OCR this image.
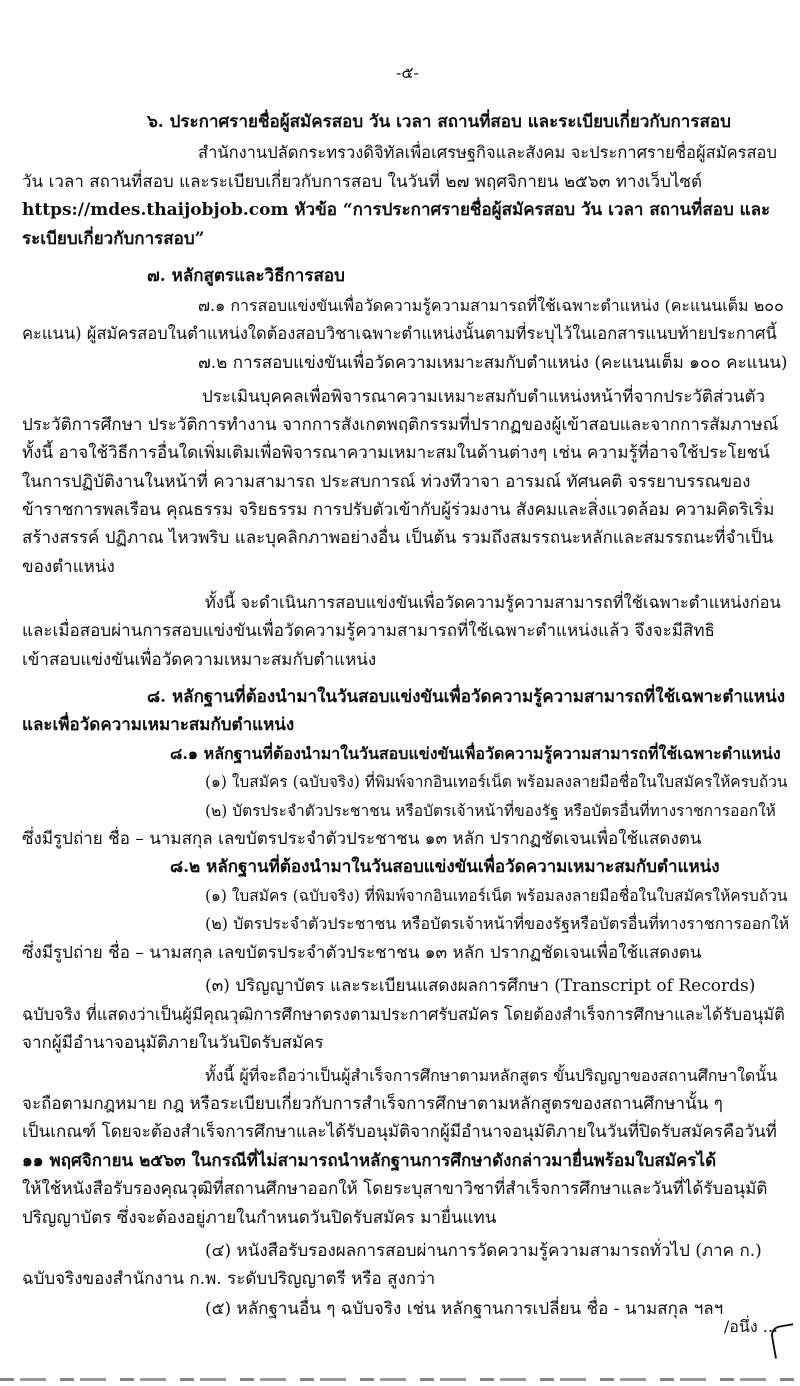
-๕-
๖. ประกาศรายชื่อผู้สมัครสอบ วัน เวลา สถานที่สอบ และระเบียบเกี่ยวกับการสอบ
สำนักงานปลัดกระทรวงดิจิทัลเพื่อเศรษฐกิจและสังคม จะประกาศรายชื่อผู้สมัครสอบ
วัน เวลา สถานที่สอบ และระเบียบเกี่ยวกับการสอบ ในวันที่ ๒๗ พฤศจิกายน ๒๕๖๓ ทางเว็บไซต์
https://mdes.thaijobjob.com หัวข้อ “การประกาศรายชื่อผู้สมัครสอบ วัน เวลา สถานที่สอบ และ
ระเบียบเกี่ยวกับการสอบ”
๗. หลักสูตรและวิธีการสอบ
๗.๑ การสอบแข่งขันเพื่อวัดความรู้ความสามารถที่ใช้เฉพาะตำแหน่ง (คะแนนเต็ม ๒๐๐
คะแนน) ผู้สมัครสอบในตำแหน่งใดต้องสอบวิชาเฉพาะตำแหน่งนั้นตามที่ระบุไว้ในเอกสารแนบท้ายประกาศนี้
๗.๒ การสอบแข่งขันเพื่อวัดความเหมาะสมกับตำแหน่ง (คะแนนเต็ม ๑๐๐ คะแนน)
ประเมินบุคคลเพื่อพิจารณาความเหมาะสมกับตำแหน่งหน้าที่จากประวัติส่วนตัว
ประวัติการศึกษา ประวัติการทำงาน จากการสังเกตพฤติกรรมที่ปรากฏของผู้เข้าสอบและจากการสัมภาษณ์
ทั้งนี้ อาจใช้วิธีการอื่นใดเพิ่มเติมเพื่อพิจารณาความเหมาะสมในด้านต่างๆ เช่น ความรู้ที่อาจใช้ประโยชน์
ในการปฏิบัติงานในหน้าที่ ความสามารถ ประสบการณ์ ท่วงทีวาจา อารมณ์ ทัศนคติ จรรยาบรรณของ
ข้าราชการพลเรือน คุณธรรม จริยธรรม การปรับตัวเข้ากับผู้ร่วมงาน สังคมและสิ่งแวดล้อม ความคิดริเริ่ม
สร้างสรรค์ ปฏิภาณ ไหวพริบ และบุคลิกภาพอย่างอื่น เป็นต้น รวมถึงสมรรถนะหลักและสมรรถนะที่จำเป็น
ของตำแหน่ง
ทั้งนี้ จะดำเนินการสอบแข่งขันเพื่อวัดความรู้ความสามารถที่ใช้เฉพาะตำแหน่งก่อน
และเมื่อสอบผ่านการสอบแข่งขันเพื่อวัดความรู้ความสามารถที่ใช้เฉพาะตำแหน่งแล้ว จึงจะมีสิทธิ
เข้าสอบแข่งขันเพื่อวัดความเหมาะสมกับตำแหน่ง
๘. หลักฐานที่ต้องนำมาในวันสอบแข่งขันเพื่อวัดความรู้ความสามารถที่ใช้เฉพาะตำแหน่ง
และเพื่อวัดความเหมาะสมกับตำแหน่ง
๘.๑ หลักฐานที่ต้องนำมาในวันสอบแข่งขันเพื่อวัดความรู้ความสามารถที่ใช้เฉพาะตำแหน่ง
(๑) ใบสมัคร (ฉบับจริง) ที่พิมพ์จากอินเทอร์เน็ต พร้อมลงลายมือชื่อในใบสมัครให้ครบถ้วน
(๒) บัตรประจำตัวประชาชน หรือบัตรเจ้าหน้าที่ของรัฐ หรือบัตรอื่นที่ทางราชการออกให้
ซึ่งมีรูปถ่าย ชื่อ – นามสกุล เลขบัตรประจำตัวประชาชน ๑๓ หลัก ปรากฏชัดเจนเพื่อใช้แสดงตน
๘.๒ หลักฐานที่ต้องนำมาในวันสอบแข่งขันเพื่อวัดความเหมาะสมกับตำแหน่ง
(๑) ใบสมัคร (ฉบับจริง) ที่พิมพ์จากอินเทอร์เน็ต พร้อมลงลายมือชื่อในใบสมัครให้ครบถ้วน
(๒) บัตรประจำตัวประชาชน หรือบัตรเจ้าหน้าที่ของรัฐหรือบัตรอื่นที่ทางราชการออกให้
ซึ่งมีรูปถ่าย ชื่อ – นามสกุล เลขบัตรประจำตัวประชาชน ๑๓ หลัก ปรากฏชัดเจนเพื่อใช้แสดงตน
(๓) ปริญญาบัตร และระเบียนแสดงผลการศึกษา (Transcript of Records)
ฉบับจริง ที่แสดงว่าเป็นผู้มีคุณวุฒิการศึกษาตรงตามประกาศรับสมัคร โดยต้องสำเร็จการศึกษาและได้รับอนุมัติ
จากผู้มีอำนาจอนุมัติภายในวันปิดรับสมัคร
ทั้งนี้ ผู้ที่จะถือว่าเป็นผู้สำเร็จการศึกษาตามหลักสูตร ขั้นปริญญาของสถานศึกษาใดนั้น
จะถือตามกฎหมาย กฎ หรือระเบียบเกี่ยวกับการสำเร็จการศึกษาตามหลักสูตรของสถานศึกษานั้น ๆ
เป็นเกณฑ์ โดยจะต้องสำเร็จการศึกษาและได้รับอนุมัติจากผู้มีอำนาจอนุมัติภายในวันที่ปิดรับสมัครคือวันที่
๑๑ พฤศจิกายน ๒๕๖๓ ในกรณีที่ไม่สามารถนำหลักฐานการศึกษาดังกล่าวมายื่นพร้อมใบสมัครได้
ให้ใช้หนังสือรับรองคุณวุฒิที่สถานศึกษาออกให้ โดยระบุสาขาวิชาที่สำเร็จการศึกษาและวันที่ได้รับอนุมัติ
ปริญญาบัตร ซึ่งจะต้องอยู่ภายในกำหนดวันปิดรับสมัคร มายื่นแทน
(๔) หนังสือรับรองผลการสอบผ่านการวัดความรู้ความสามารถทั่วไป (ภาค ก.)
ฉบับจริงของสำนักงาน ก.พ. ระดับปริญญาตรี หรือ สูงกว่า
(๕) หลักฐานอื่น ๆ ฉบับจริง เช่น หลักฐานการเปลี่ยน ชื่อ - นามสกุล ฯลฯ
/อนึ่ง ...
